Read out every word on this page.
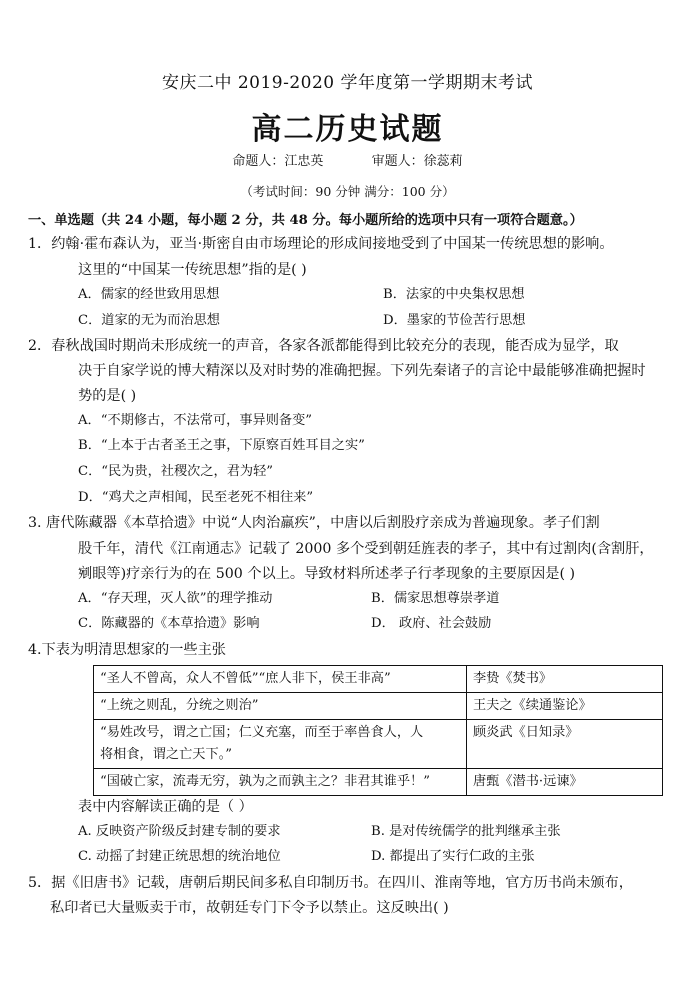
安庆二中 2019-2020 学年度第一学期期末考试
高二历史试题
命题人：江忠英	审题人：徐蕊莉
（考试时间：90 分钟 满分：100 分）
一、单选题（共 24 小题，每小题 2 分，共 48 分。每小题所给的选项中只有一项符合题意。）
1．约翰·霍布森认为，亚当·斯密自由市场理论的形成间接地受到了中国某一传统思想的影响。
这里的“中国某一传统思想”指的是( )
A．儒家的经世致用思想	B．法家的中央集权思想
C．道家的无为而治思想	D．墨家的节俭苦行思想
2．春秋战国时期尚未形成统一的声音，各家各派都能得到比较充分的表现，能否成为显学，取
决于自家学说的博大精深以及对时势的准确把握。下列先秦诸子的言论中最能够准确把握时
势的是( )
A．“不期修古，不法常可，事异则备变”
B．“上本于古者圣王之事，下原察百姓耳目之实”
C．“民为贵，社稷次之，君为轻”
D．“鸡犬之声相闻，民至老死不相往来”
3. 唐代陈藏器《本草拾遗》中说“人肉治羸疾”，中唐以后割股疗亲成为普遍现象。孝子们割
股千年，清代《江南通志》记载了 2000 多个受到朝廷旌表的孝子，其中有过割肉(含割肝，
剜眼等)疗亲行为的在 500 个以上。导致材料所述孝子行孝现象的主要原因是( )
A．“存天理，灭人欲”的理学推动	B．儒家思想尊崇孝道
C．陈藏器的《本草拾遗》影响	D． 政府、社会鼓励
4.下表为明清思想家的一些主张
“圣人不曾高，众人不曾低”“庶人非下，侯王非高”	李贽《焚书》
“上统之则乱，分统之则治”	王夫之《续通鉴论》

“易姓改号，谓之亡国；仁义充塞，而至于率兽食人，人
将相食，谓之亡天下。”	顾炎武《日知录》
“国破亡家，流毒无穷，孰为之而孰主之？非君其谁乎！”	唐甄《潜书·远谏》
表中内容解读正确的是（ ）
A. 反映资产阶级反封建专制的要求	B. 是对传统儒学的批判继承主张
C. 动摇了封建正统思想的统治地位	D. 都提出了实行仁政的主张
5．据《旧唐书》记载，唐朝后期民间多私自印制历书。在四川、淮南等地，官方历书尚未颁布，
私印者已大量贩卖于市，故朝廷专门下令予以禁止。这反映出( )
